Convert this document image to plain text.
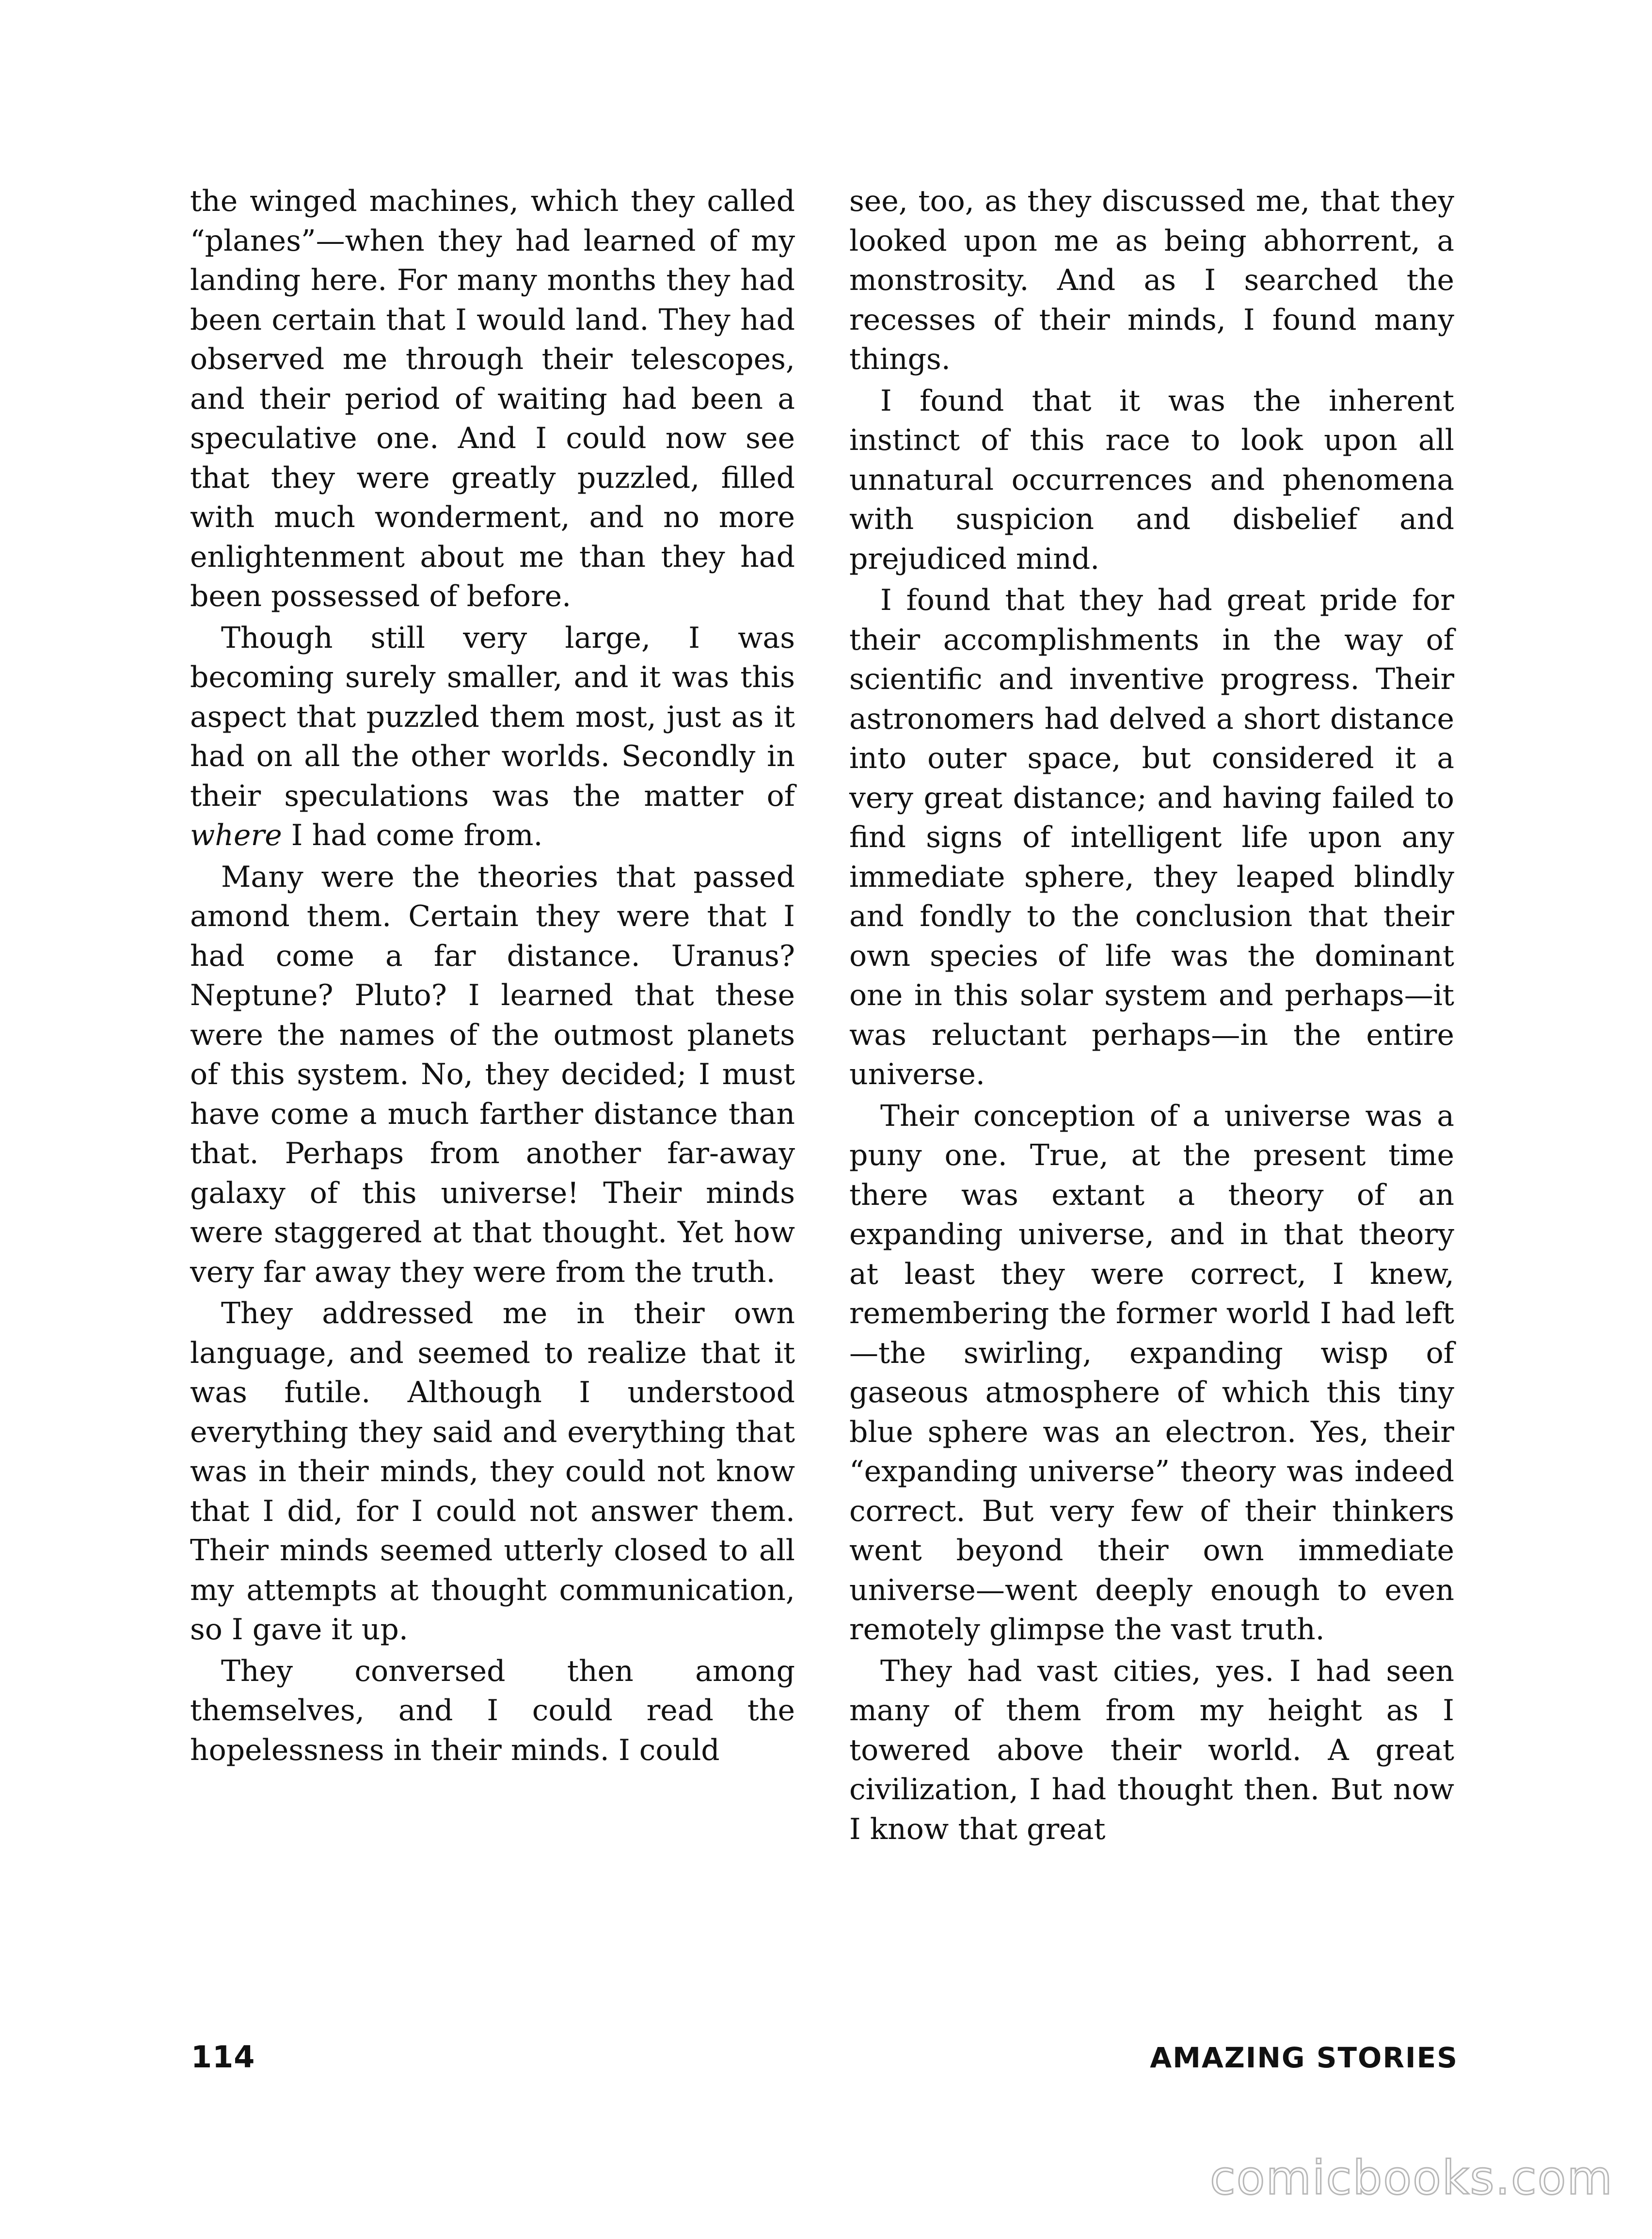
the winged machines, which they called “planes”—when they had learned of my landing here. For many months they had been certain that I would land. They had observed me through their telescopes, and their period of waiting had been a speculative one. And I could now see that they were greatly puzzled, filled with much wonderment, and no more enlightenment about me than they had been possessed of before.

Though still very large, I was becoming surely smaller, and it was this aspect that puzzled them most, just as it had on all the other worlds. Secondly in their speculations was the matter of where I had come from.

Many were the theories that passed amond them. Certain they were that I had come a far distance. Uranus? Neptune? Pluto? I learned that these were the names of the outmost planets of this system. No, they decided; I must have come a much farther distance than that. Perhaps from another far-away galaxy of this universe! Their minds were staggered at that thought. Yet how very far away they were from the truth.

They addressed me in their own language, and seemed to realize that it was futile. Although I understood everything they said and everything that was in their minds, they could not know that I did, for I could not answer them. Their minds seemed utterly closed to all my attempts at thought communication, so I gave it up.

They conversed then among themselves, and I could read the hopelessness in their minds. I could

see, too, as they discussed me, that they looked upon me as being abhorrent, a monstrosity. And as I searched the recesses of their minds, I found many things.

I found that it was the inherent instinct of this race to look upon all unnatural occurrences and phenomena with suspicion and disbelief and prejudiced mind.

I found that they had great pride for their accomplishments in the way of scientific and inventive progress. Their astronomers had delved a short distance into outer space, but considered it a very great distance; and having failed to find signs of intelligent life upon any immediate sphere, they leaped blindly and fondly to the conclusion that their own species of life was the dominant one in this solar system and perhaps—it was reluctant perhaps—in the entire universe.

Their conception of a universe was a puny one. True, at the present time there was extant a theory of an expanding universe, and in that theory at least they were correct, I knew, remembering the former world I had left—the swirling, expanding wisp of gaseous atmosphere of which this tiny blue sphere was an electron. Yes, their “expanding universe” theory was indeed correct. But very few of their thinkers went beyond their own immediate universe—went deeply enough to even remotely glimpse the vast truth.

They had vast cities, yes. I had seen many of them from my height as I towered above their world. A great civilization, I had thought then. But now I know that great

114	AMAZING STORIES
comicbooks.com
